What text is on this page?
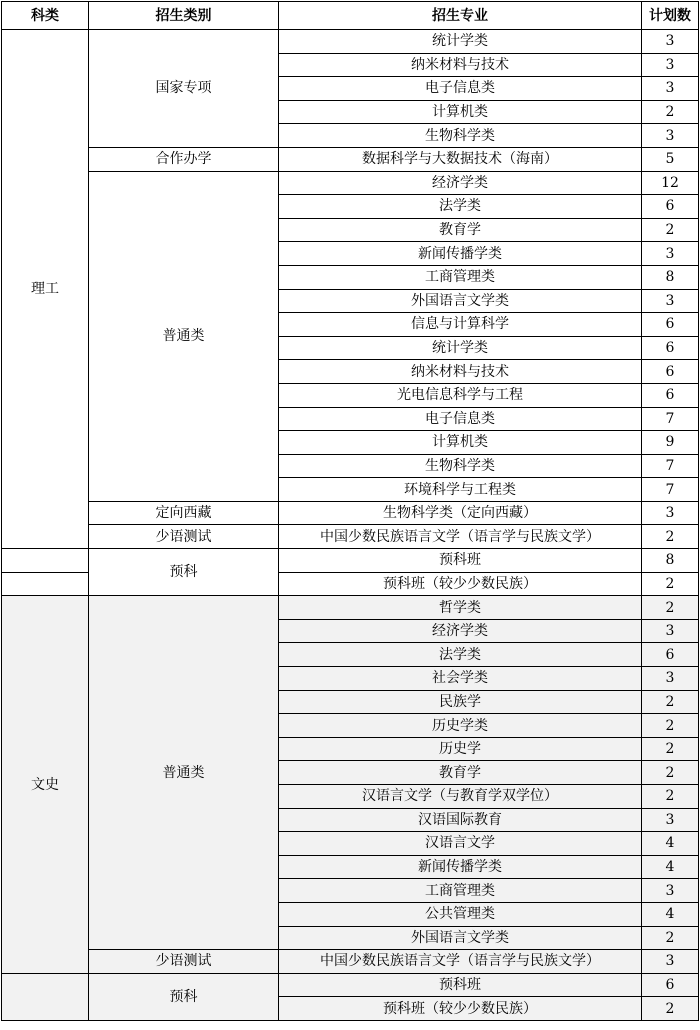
科类	招生类别	招生专业	计划数
理工	国家专项	统计学类	3
		纳米材料与技术	3
		电子信息类	3
		计算机类	2
		生物科学类	3
	合作办学	数据科学与大数据技术（海南）	5
	普通类	经济学类	12
		法学类	6
		教育学	2
		新闻传播学类	3
		工商管理类	8
		外国语言文学类	3
		信息与计算科学	6
		统计学类	6
		纳米材料与技术	6
		光电信息科学与工程	6
		电子信息类	7
		计算机类	9
		生物科学类	7
		环境科学与工程类	7
	定向西藏	生物科学类（定向西藏）	3
	少语测试	中国少数民族语言文学（语言学与民族文学）	2
	预科	预科班	8
		预科班（较少少数民族）	2
文史	普通类	哲学类	2
		经济学类	3
		法学类	6
		社会学类	3
		民族学	2
		历史学类	2
		历史学	2
		教育学	2
		汉语言文学（与教育学双学位）	2
		汉语国际教育	3
		汉语言文学	4
		新闻传播学类	4
		工商管理类	3
		公共管理类	4
		外国语言文学类	2
	少语测试	中国少数民族语言文学（语言学与民族文学）	3
	预科	预科班	6
		预科班（较少少数民族）	2
